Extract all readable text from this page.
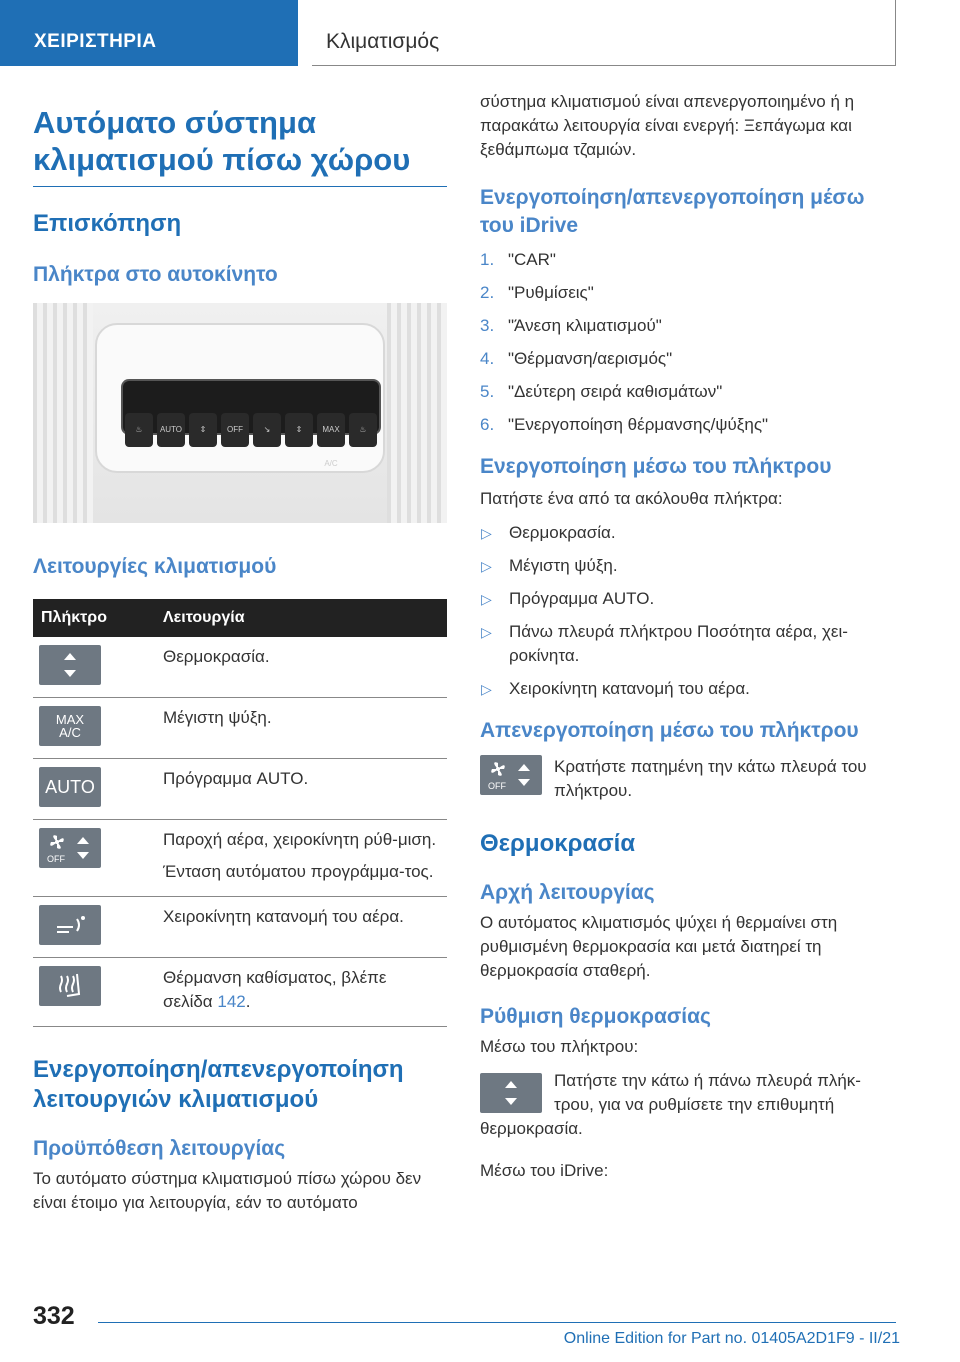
ΧΕΙΡΙΣΤΗΡΙΑ	Κλιματισμός
Αυτόματο σύστημα κλιματισμού πίσω χώρου
Επισκόπηση
Πλήκτρα στο αυτοκίνητο
♨	AUTO	⇕	OFF	↘	⇕	MAX A/C
♨
Λειτουργίες κλιματισμού
Πλήκτρο	Λειτουργία

	Θερμοκρασία.

MAX
A/C	Μέγιστη ψύξη.

AUTO	Πρόγραμμα AUTO.

OFF	Παροχή αέρα, χειροκίνητη ρύθ-μιση.
Ένταση αυτόματου προγράμμα-τος.

	Χειροκίνητη κατανομή του αέρα.

	Θέρμανση καθίσματος, βλέπε σελίδα 142.
Ενεργοποίηση/απενεργοποίηση λειτουργιών κλιματισμού
Προϋπόθεση λειτουργίας
Το αυτόματο σύστημα κλιματισμού πίσω χώρου δεν είναι έτοιμο για λειτουργία, εάν το αυτόματο
σύστημα κλιματισμού είναι απενεργοποιημένο ή η παρακάτω λειτουργία είναι ενεργή: Ξεπάγωμα και ξεθάμπωμα τζαμιών.
Ενεργοποίηση/απενεργοποίηση μέσω του iDrive
1. "CAR"
2. "Ρυθμίσεις"
3. "Άνεση κλιματισμού"
4. "Θέρμανση/αερισμός"
5. "Δεύτερη σειρά καθισμάτων"
6. "Ενεργοποίηση θέρμανσης/ψύξης"
Ενεργοποίηση μέσω του πλήκτρου
Πατήστε ένα από τα ακόλουθα πλήκτρα:
▷ Θερμοκρασία.
▷ Μέγιστη ψύξη.
▷ Πρόγραμμα AUTO.
▷ Πάνω πλευρά πλήκτρου Ποσότητα αέρα, χει-ροκίνητα.
▷ Χειροκίνητη κατανομή του αέρα.
Απενεργοποίηση μέσω του πλήκτρου
OFF
Κρατήστε πατημένη την κάτω πλευρά του πλήκτρου.
Θερμοκρασία
Αρχή λειτουργίας
Ο αυτόματος κλιματισμός ψύχει ή θερμαίνει στη ρυθμισμένη θερμοκρασία και μετά διατηρεί τη θερμοκρασία σταθερή.
Ρύθμιση θερμοκρασίας
Μέσω του πλήκτρου:
Πατήστε την κάτω ή πάνω πλευρά πλήκ-τρου, για να ρυθμίσετε την επιθυμητή θερμοκρασία.
Μέσω του iDrive:
332
Online Edition for Part no. 01405A2D1F9 - II/21
